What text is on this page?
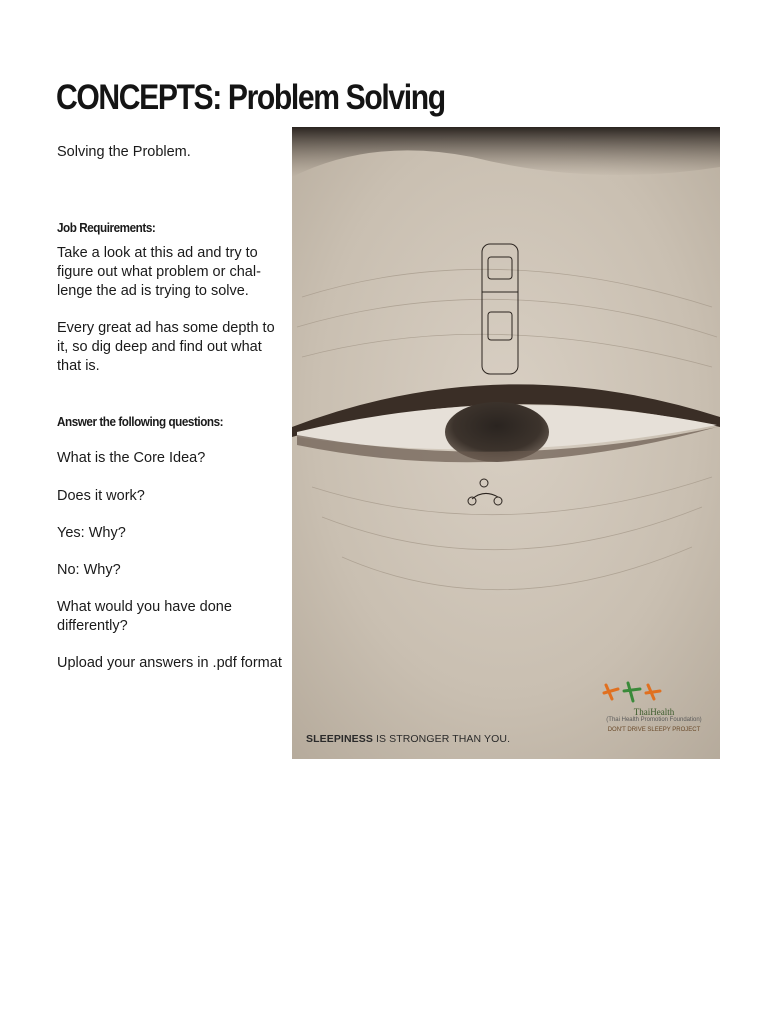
CONCEPTS: Problem Solving

Solving the Problem.

Job Requirements:

Take a look at this ad and try to figure out what problem or chal-lenge the ad is trying to solve.

Every great ad has some depth to it, so dig deep and find out what that is.

Answer the following questions:

What is the Core Idea?

Does it work?

Yes: Why?

No: Why?

What would you have done differently?

Upload your answers in .pdf format

SLEEPINESS IS STRONGER THAN YOU.
ThaiHealth
(Thai Health Promotion Foundation)
DON'T DRIVE SLEEPY PROJECT
